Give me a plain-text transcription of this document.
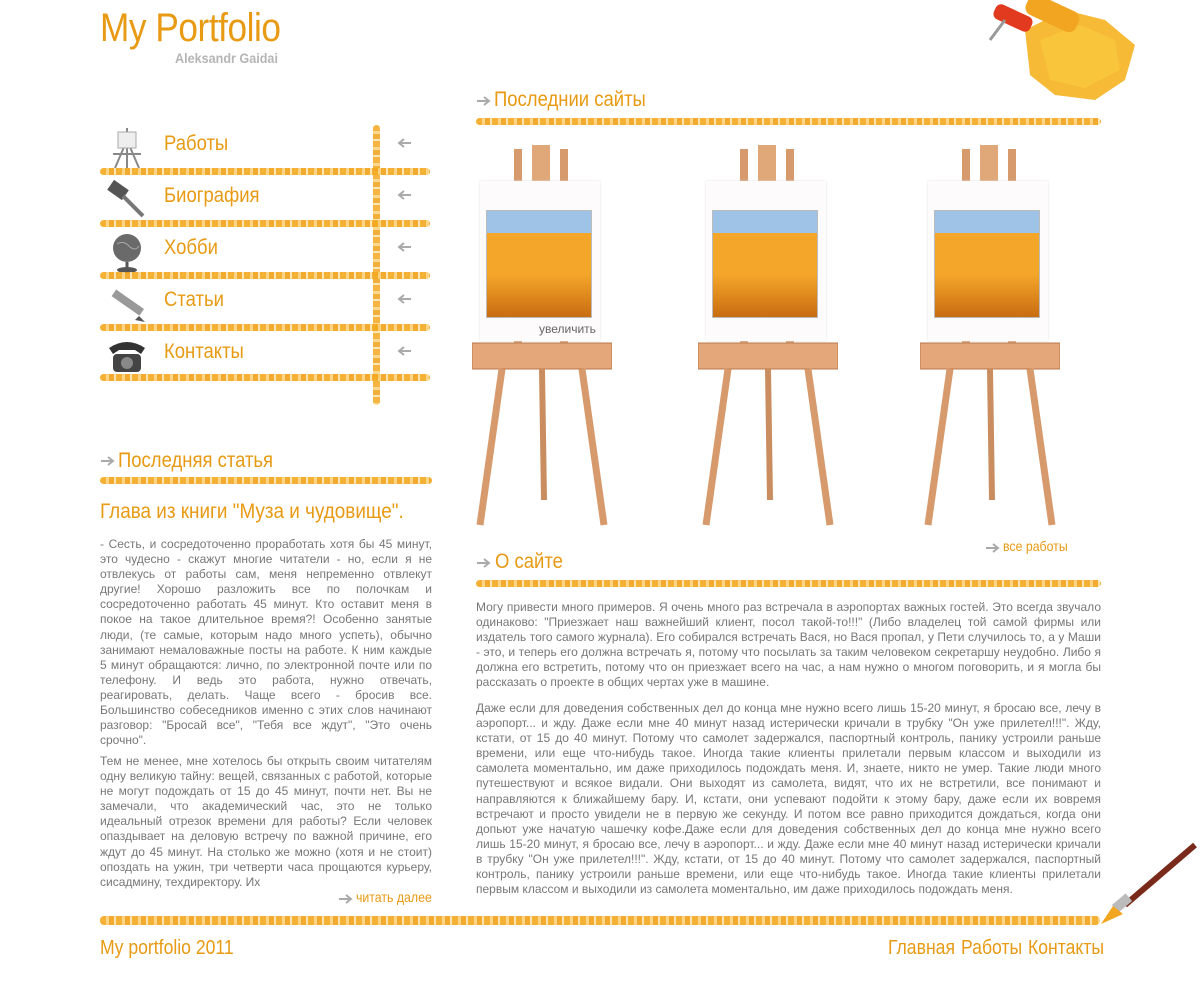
My Portfolio
Aleksandr Gaidai
Работы
Биография
Хобби
Статьи
Контакты
Последняя статья
Глава из книги "Муза и чудовище".

- Сесть, и сосредоточенно проработать хотя бы 45 минут, это чудесно - скажут многие читатели - но, если я не отвлекусь от работы сам, меня непременно отвлекут другие! Хорошо разложить все по полочкам и сосредоточенно работать 45 минут. Кто оставит меня в покое на такое длительное время?! Особенно занятые люди, (те самые, которым надо много успеть), обычно занимают немаловажные посты на работе. К ним каждые 5 минут обращаются: лично, по электронной почте или по телефону. И ведь это работа, нужно отвечать, реагировать, делать. Чаще всего - бросив все. Большинство собеседников именно с этих слов начинают разговор: "Бросай все", "Тебя все ждут", "Это очень срочно".

Тем не менее, мне хотелось бы открыть своим читателям одну великую тайну: вещей, связанных с работой, которые не могут подождать от 15 до 45 минут, почти нет. Вы не замечали, что академический час, это не только идеальный отрезок времени для работы? Если человек опаздывает на деловую встречу по важной причине, его ждут до 45 минут. На столько же можно (хотя и не стоит) опоздать на ужин, три четверти часа прощаются курьеру, сисадмину, техдиректору. Их

читать далее
Последнии сайты
увеличить
все работы
О сайте

Могу привести много примеров. Я очень много раз встречала в аэропортах важных гостей. Это всегда звучало одинаково: "Приезжает наш важнейший клиент, посол такой-то!!!" (Либо владелец той самой фирмы или издатель того самого журнала). Его собирался встречать Вася, но Вася пропал, у Пети случилось то, а у Маши - это, и теперь его должна встречать я, потому что посылать за таким человеком секретаршу неудобно. Либо я должна его встретить, потому что он приезжает всего на час, а нам нужно о многом поговорить, и я могла бы рассказать о проекте в общих чертах уже в машине.

Даже если для доведения собственных дел до конца мне нужно всего лишь 15-20 минут, я бросаю все, лечу в аэропорт... и жду. Даже если мне 40 минут назад истерически кричали в трубку "Он уже прилетел!!!". Жду, кстати, от 15 до 40 минут. Потому что самолет задержался, паспортный контроль, панику устроили раньше времени, или еще что-нибудь такое. Иногда такие клиенты прилетали первым классом и выходили из самолета моментально, им даже приходилось подождать меня. И, знаете, никто не умер. Такие люди много путешествуют и всякое видали. Они выходят из самолета, видят, что их не встретили, все понимают и направляются к ближайшему бару. И, кстати, они успевают подойти к этому бару, даже если их вовремя встречают и просто увидели не в первую же секунду. И потом все равно приходится дождаться, когда они допьют уже начатую чашечку кофе.Даже если для доведения собственных дел до конца мне нужно всего лишь 15-20 минут, я бросаю все, лечу в аэропорт... и жду. Даже если мне 40 минут назад истерически кричали в трубку "Он уже прилетел!!!". Жду, кстати, от 15 до 40 минут. Потому что самолет задержался, паспортный контроль, панику устроили раньше времени, или еще что-нибудь такое. Иногда такие клиенты прилетали первым классом и выходили из самолета моментально, им даже приходилось подождать меня.

My portfolio 2011	Главная Работы Контакты
